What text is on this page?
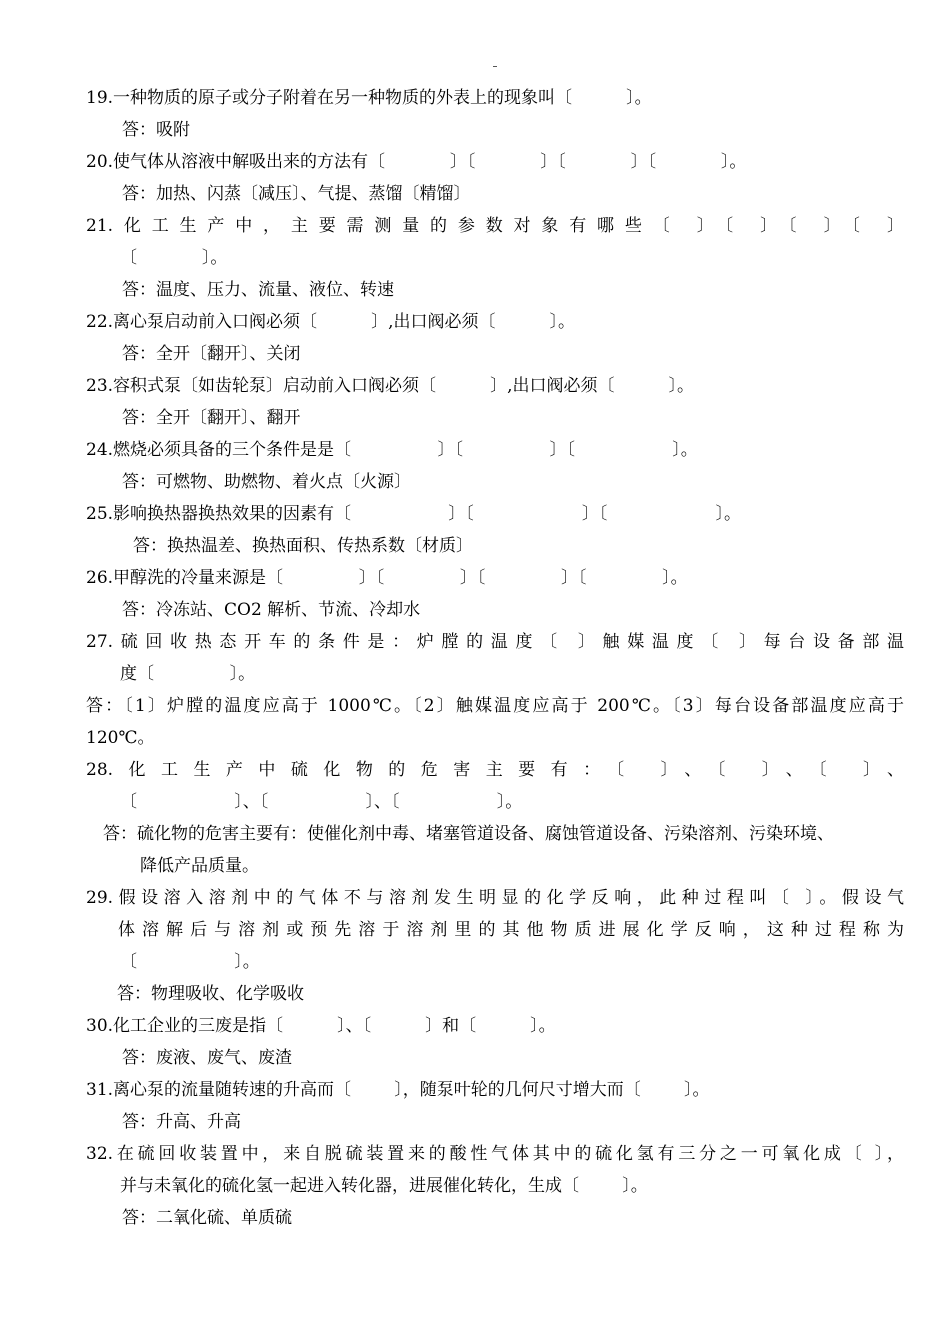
19.一种物质的原子或分子附着在另一种物质的外表上的现象叫〔          〕。
答：吸附
20.使气体从溶液中解吸出来的方法有〔            〕〔            〕〔            〕〔            〕。
答：加热、闪蒸〔减压〕、气提、蒸馏〔精馏〕
21.化工生产中，主要需测量的参数对象有哪些〔 〕〔 〕〔 〕〔 〕
〔            〕。
答：温度、压力、流量、液位、转速
22.离心泵启动前入口阀必须〔          〕,出口阀必须〔          〕。
答：全开〔翻开〕、关闭
23.容积式泵〔如齿轮泵〕启动前入口阀必须〔          〕,出口阀必须〔          〕。
答：全开〔翻开〕、翻开
24.燃烧必须具备的三个条件是是〔                〕〔                〕〔                  〕。
答：可燃物、助燃物、着火点〔火源〕
25.影响换热器换热效果的因素有〔                  〕〔                    〕〔                    〕。
答：换热温差、换热面积、传热系数〔材质〕
26.甲醇洗的冷量来源是〔              〕〔              〕〔              〕〔              〕。
答：冷冻站、CO2 解析、节流、冷却水
27.硫回收热态开车的条件是：炉膛的温度〔 〕触媒温度〔 〕每台设备部温
度〔              〕。
答：〔1〕炉膛的温度应高于 1000℃。〔2〕触媒温度应高于 200℃。〔3〕每台设备部温度应高于
120℃。
28.化工生产中硫化物的危害主要有：〔 〕、〔 〕、〔 〕、
〔                  〕、〔                  〕、〔                  〕。
答：硫化物的危害主要有：使催化剂中毒、堵塞管道设备、腐蚀管道设备、污染溶剂、污染环境、
降低产品质量。
29.假设溶入溶剂中的气体不与溶剂发生明显的化学反响，此种过程叫〔 〕。假设气
体溶解后与溶剂或预先溶于溶剂里的其他物质进展化学反响，这种过程称为
〔                  〕。
答：物理吸收、化学吸收
30.化工企业的三废是指〔          〕、〔          〕和〔          〕。
答：废液、废气、废渣
31.离心泵的流量随转速的升高而〔        〕，随泵叶轮的几何尺寸增大而〔        〕。
答：升高、升高
32.在硫回收装置中，来自脱硫装置来的酸性气体其中的硫化氢有三分之一可氧化成〔 〕，
并与未氧化的硫化氢一起进入转化器，进展催化转化，生成〔        〕。
答：二氧化硫、单质硫
